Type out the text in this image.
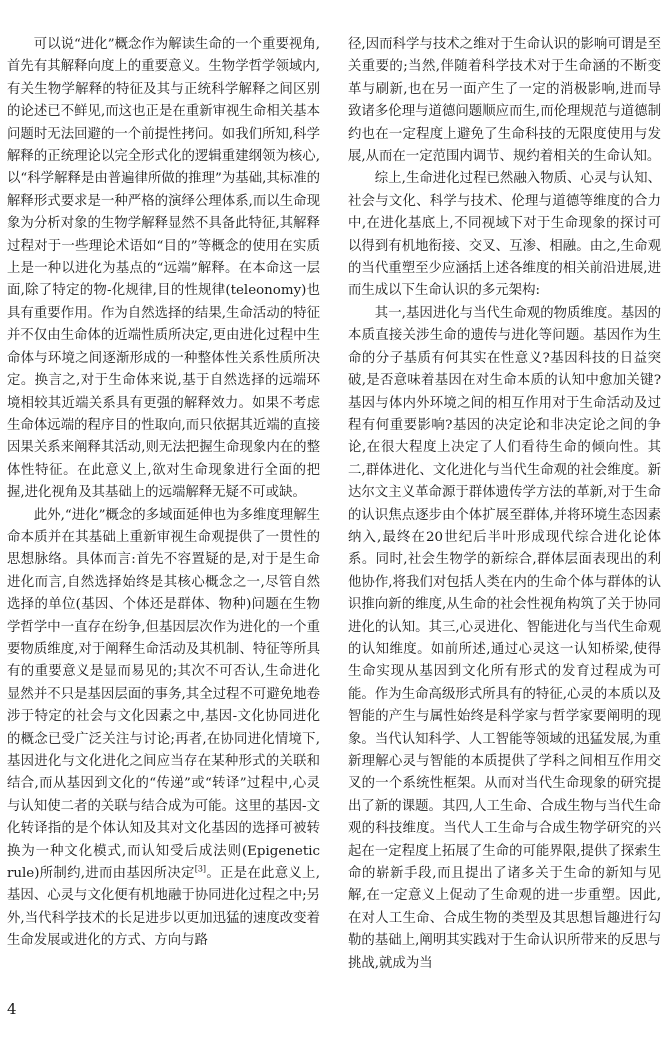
可以说“进化”概念作为解读生命的一个重要视角,首先有其解释向度上的重要意义。生物学哲学领域内,有关生物学解释的特征及其与正统科学解释之间区别的论述已不鲜见,而这也正是在重新审视生命相关基本问题时无法回避的一个前提性拷问。如我们所知,科学解释的正统理论以完全形式化的逻辑重建纲领为核心,以“科学解释是由普遍律所做的推理”为基础,其标准的解释形式要求是一种严格的演绎公理体系,而以生命现象为分析对象的生物学解释显然不具备此特征,其解释过程对于一些理论术语如“目的”等概念的使用在实质上是一种以进化为基点的“远端”解释。在本命这一层面,除了特定的物-化规律,目的性规律(teleonomy)也具有重要作用。作为自然选择的结果,生命活动的特征并不仅由生命体的近端性质所决定,更由进化过程中生命体与环境之间逐渐形成的一种整体性关系性质所决定。换言之,对于生命体来说,基于自然选择的远端环境相较其近端关系具有更强的解释效力。如果不考虑生命体远端的程序目的性取向,而只依据其近端的直接因果关系来阐释其活动,则无法把握生命现象内在的整体性特征。在此意义上,欲对生命现象进行全面的把握,进化视角及其基础上的远端解释无疑不可或缺。

此外,“进化”概念的多域面延伸也为多维度理解生命本质并在其基础上重新审视生命观提供了一贯性的思想脉络。具体而言:首先不容置疑的是,对于是生命进化而言,自然选择始终是其核心概念之一,尽管自然选择的单位(基因、个体还是群体、物种)问题在生物学哲学中一直存在纷争,但基因层次作为进化的一个重要物质维度,对于阐释生命活动及其机制、特征等所具有的重要意义是显而易见的;其次不可否认,生命进化显然并不只是基因层面的事务,其全过程不可避免地卷涉于特定的社会与文化因素之中,基因-文化协同进化的概念已受广泛关注与讨论;再者,在协同进化情境下,基因进化与文化进化之间应当存在某种形式的关联和结合,而从基因到文化的“传递”或“转译”过程中,心灵与认知使二者的关联与结合成为可能。这里的基因-文化转译指的是个体认知及其对文化基因的选择可被转换为一种文化模式,而认知受后成法则(Epigenetic rule)所制约,进而由基因所决定[3]。正是在此意义上,基因、心灵与文化便有机地融于协同进化过程之中;另外,当代科学技术的长足进步以更加迅猛的速度改变着生命发展或进化的方式、方向与路

径,因而科学与技术之维对于生命认识的影响可谓是至关重要的;当然,伴随着科学技术对于生命涵的不断变革与刷新,也在另一面产生了一定的消极影响,进而导致诸多伦理与道德问题顺应而生,而伦理规范与道德制约也在一定程度上避免了生命科技的无限度使用与发展,从而在一定范围内调节、规约着相关的生命认知。

综上,生命进化过程已然融入物质、心灵与认知、社会与文化、科学与技术、伦理与道德等维度的合力中,在进化基底上,不同视域下对于生命现象的探讨可以得到有机地衔接、交叉、互渗、相融。由之,生命观的当代重塑至少应涵括上述各维度的相关前沿进展,进而生成以下生命认识的多元架构:

其一,基因进化与当代生命观的物质维度。基因的本质直接关涉生命的遗传与进化等问题。基因作为生命的分子基质有何其实在性意义?基因科技的日益突破,是否意味着基因在对生命本质的认知中愈加关键?基因与体内外环境之间的相互作用对于生命活动及过程有何重要影响?基因的决定论和非决定论之间的争论,在很大程度上决定了人们看待生命的倾向性。其二,群体进化、文化进化与当代生命观的社会维度。新达尔文主义革命源于群体遗传学方法的革新,对于生命的认识焦点逐步由个体扩展至群体,并将环境生态因素纳入,最终在20世纪后半叶形成现代综合进化论体系。同时,社会生物学的新综合,群体层面表现出的利他协作,将我们对包括人类在内的生命个体与群体的认识推向新的维度,从生命的社会性视角构筑了关于协同进化的认知。其三,心灵进化、智能进化与当代生命观的认知维度。如前所述,通过心灵这一认知桥梁,使得生命实现从基因到文化所有形式的发育过程成为可能。作为生命高级形式所具有的特征,心灵的本质以及智能的产生与属性始终是科学家与哲学家要阐明的现象。当代认知科学、人工智能等领域的迅猛发展,为重新理解心灵与智能的本质提供了学科之间相互作用交叉的一个系统性框架。从而对当代生命现象的研究提出了新的课题。其四,人工生命、合成生物与当代生命观的科技维度。当代人工生命与合成生物学研究的兴起在一定程度上拓展了生命的可能界限,提供了探索生命的崭新手段,而且提出了诸多关于生命的新知与见解,在一定意义上促动了生命观的进一步重塑。因此,在对人工生命、合成生物的类型及其思想旨趣进行勾勒的基础上,阐明其实践对于生命认识所带来的反思与挑战,就成为当

4
